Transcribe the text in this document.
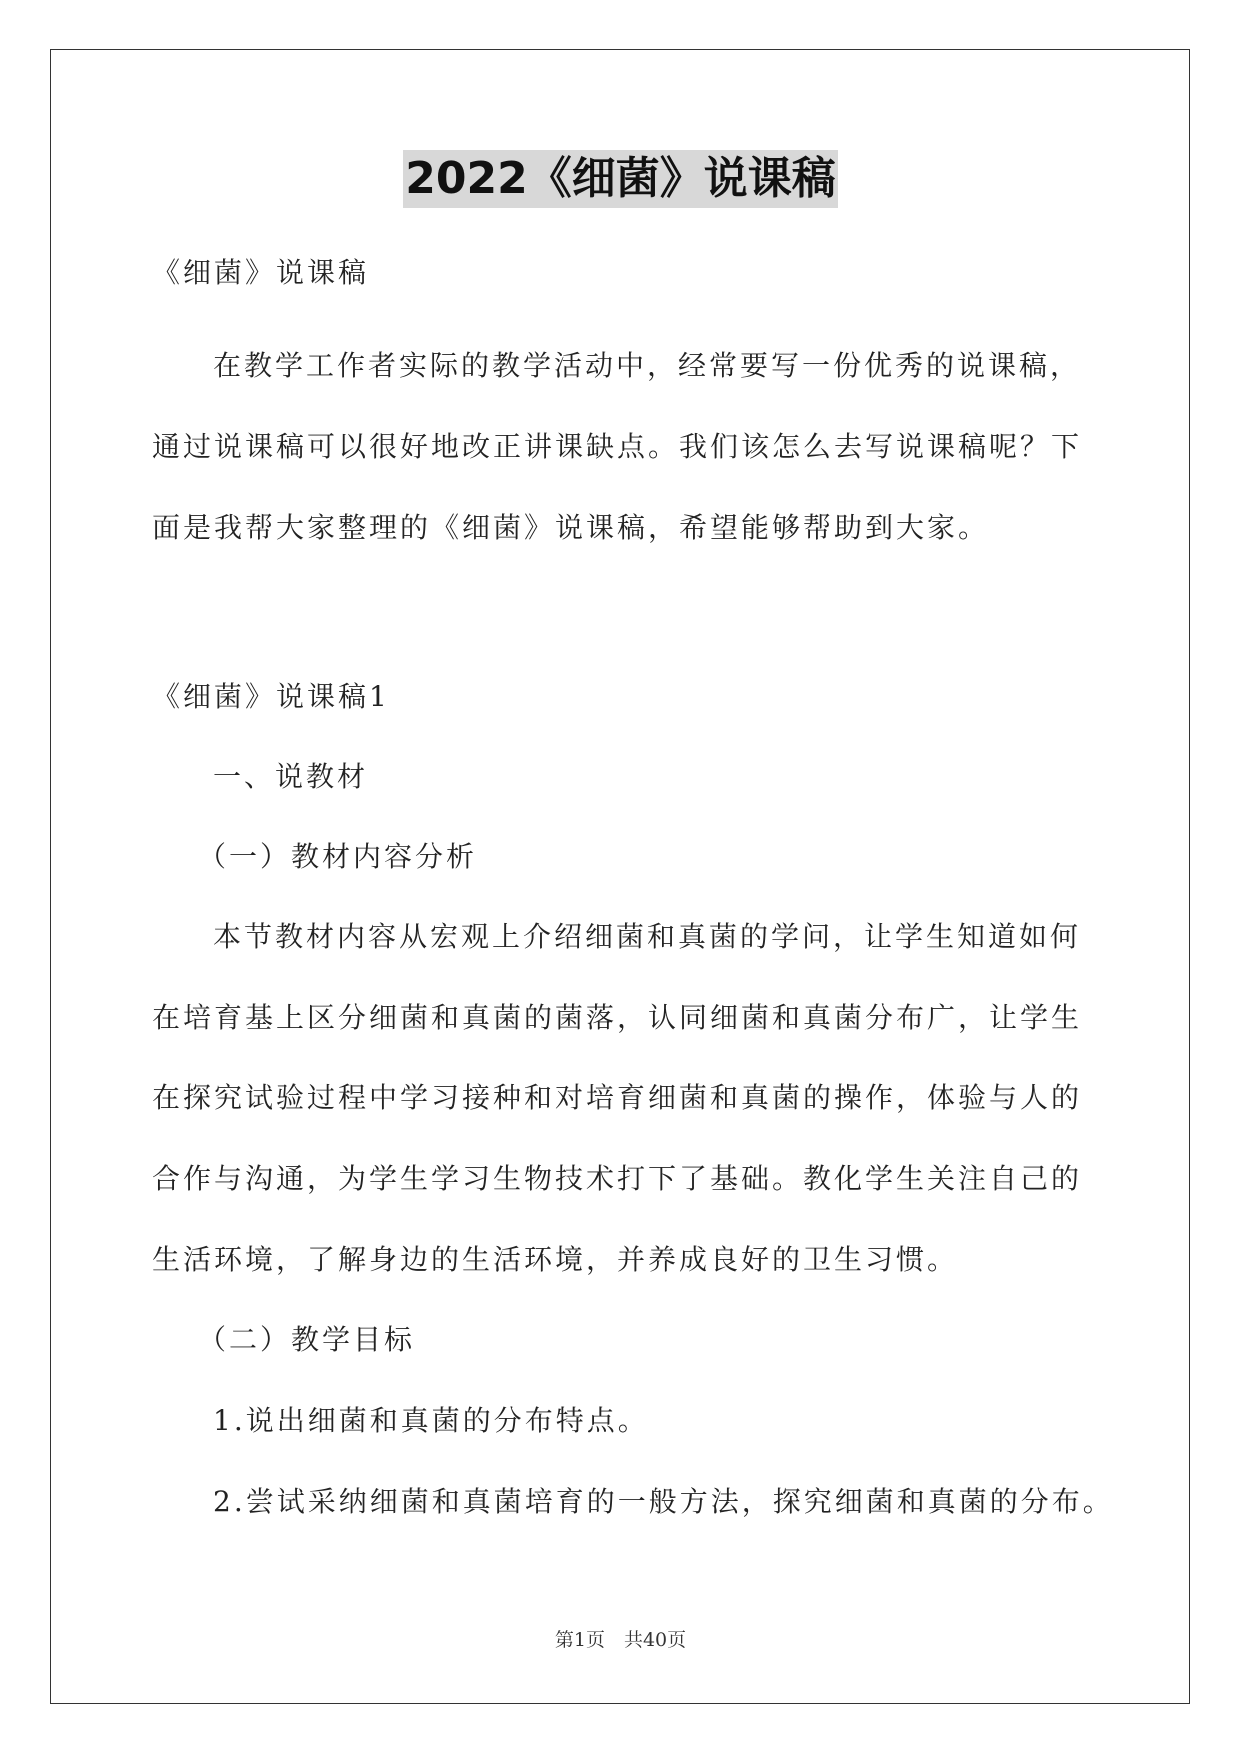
2022《细菌》说课稿
《细菌》说课稿
在教学工作者实际的教学活动中，经常要写一份优秀的说课稿，
通过说课稿可以很好地改正讲课缺点。我们该怎么去写说课稿呢？下
面是我帮大家整理的《细菌》说课稿，希望能够帮助到大家。
《细菌》说课稿1
一、说教材
（一）教材内容分析
本节教材内容从宏观上介绍细菌和真菌的学问，让学生知道如何
在培育基上区分细菌和真菌的菌落，认同细菌和真菌分布广，让学生
在探究试验过程中学习接种和对培育细菌和真菌的操作，体验与人的
合作与沟通，为学生学习生物技术打下了基础。教化学生关注自己的
生活环境，了解身边的生活环境，并养成良好的卫生习惯。
（二）教学目标
1.说出细菌和真菌的分布特点。
2.尝试采纳细菌和真菌培育的一般方法，探究细菌和真菌的分布。
第1页　共40页
